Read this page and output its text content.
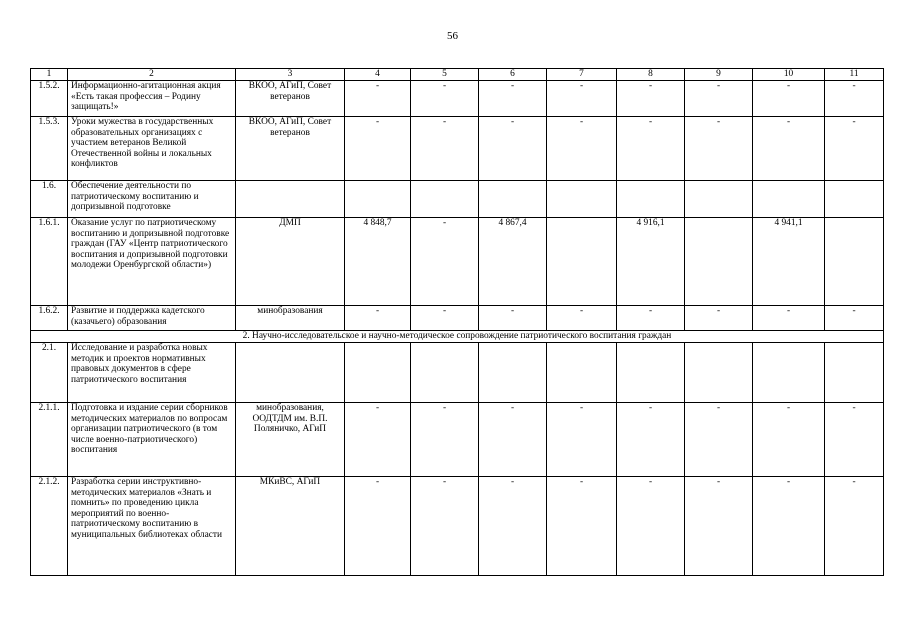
56
1	2	3	4	5	6	7	8	9	10	11
1.5.2.	Информационно-агитационная акция «Есть такая профессия – Родину защищать!»	ВКОО, АГиП, Совет ветеранов	-	-	-	-	-	-	-	-
1.5.3.	Уроки мужества в государственных образовательных организациях с участием ветеранов Великой Отечественной войны и локальных конфликтов	ВКОО, АГиП, Совет ветеранов	-	-	-	-	-	-	-	-
1.6.	Обеспечение деятельности по патриотическому воспитанию и допризывной подготовке									
1.6.1.	Оказание услуг по патриотическому воспитанию и допризывной подготовке граждан (ГАУ «Центр патриотического воспитания и допризывной подготовки молодежи Оренбургской области»)	ДМП	4 848,7	-	4 867,4		4 916,1		4 941,1	
1.6.2.	Развитие и поддержка кадетского (казачьего) образования	минобразования	-	-	-	-	-	-	-	-
2. Научно-исследовательское и научно-методическое сопровождение патриотического воспитания граждан										
2.1.	Исследование и разработка новых методик и проектов нормативных правовых документов в сфере патриотического воспитания									
2.1.1.	Подготовка и издание серии сборников методических материалов по вопросам организации патриотического (в том числе военно-патриотического) воспитания	минобразования, ООДТДМ им. В.П. Поляничко, АГиП	-	-	-	-	-	-	-	-
2.1.2.	Разработка серии инструктивно-методических материалов «Знать и помнить» по проведению цикла мероприятий по военно-патриотическому воспитанию в муниципальных библиотеках области	МКиВС, АГиП	-	-	-	-	-	-	-	-
